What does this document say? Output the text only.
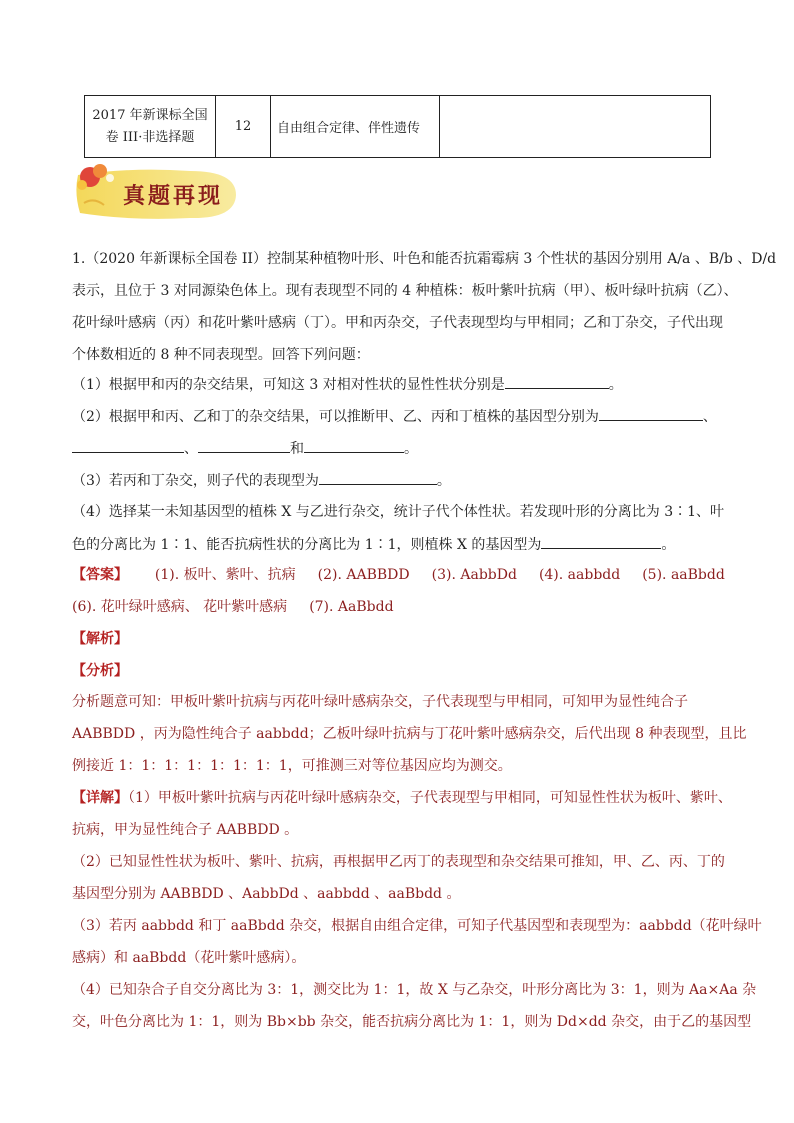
2017 年新课标全国
卷 III·非选择题
	12	自由组合定律、伴性遗传	
真题再现
1.（2020 年新课标全国卷 II）控制某种植物叶形、叶色和能否抗霜霉病 3 个性状的基因分别用 A/a 、B/b 、D/d
表示，且位于 3 对同源染色体上。现有表现型不同的 4 种植株：板叶紫叶抗病（甲）、板叶绿叶抗病（乙）、
花叶绿叶感病（丙）和花叶紫叶感病（丁）。甲和丙杂交，子代表现型均与甲相同；乙和丁杂交，子代出现
个体数相近的 8 种不同表现型。回答下列问题：
（1）根据甲和丙的杂交结果，可知这 3 对相对性状的显性性状分别是	。
（2）根据甲和丙、乙和丁的杂交结果，可以推断甲、乙、丙和丁植株的基因型分别为	、
、	和	。
（3）若丙和丁杂交，则子代的表现型为	。
（4）选择某一未知基因型的植株 X 与乙进行杂交，统计子代个体性状。若发现叶形的分离比为 3∶1、叶
色的分离比为 1∶1、能否抗病性状的分离比为 1∶1，则植株 X 的基因型为	。
【答案】 (1). 板叶、紫叶、抗病 (2). AABBDD (3). AabbDd (4). aabbdd (5). aaBbdd
(6). 花叶绿叶感病、 花叶紫叶感病 (7). AaBbdd
【解析】
【分析】
分析题意可知：甲板叶紫叶抗病与丙花叶绿叶感病杂交，子代表现型与甲相同，可知甲为显性纯合子
AABBDD ，丙为隐性纯合子 aabbdd；乙板叶绿叶抗病与丁花叶紫叶感病杂交，后代出现 8 种表现型，且比
例接近 1：1：1：1：1：1：1：1，可推测三对等位基因应均为测交。
【详解】（1）甲板叶紫叶抗病与丙花叶绿叶感病杂交，子代表现型与甲相同，可知显性性状为板叶、紫叶、
抗病，甲为显性纯合子 AABBDD 。
（2）已知显性性状为板叶、紫叶、抗病，再根据甲乙丙丁的表现型和杂交结果可推知，甲、乙、丙、丁的
基因型分别为 AABBDD 、AabbDd 、aabbdd 、aaBbdd 。
（3）若丙 aabbdd 和丁 aaBbdd 杂交，根据自由组合定律，可知子代基因型和表现型为：aabbdd（花叶绿叶
感病）和 aaBbdd（花叶紫叶感病）。
（4）已知杂合子自交分离比为 3：1，测交比为 1：1，故 X 与乙杂交，叶形分离比为 3：1，则为 Aa×Aa 杂
交，叶色分离比为 1：1，则为 Bb×bb 杂交，能否抗病分离比为 1：1，则为 Dd×dd 杂交，由于乙的基因型
